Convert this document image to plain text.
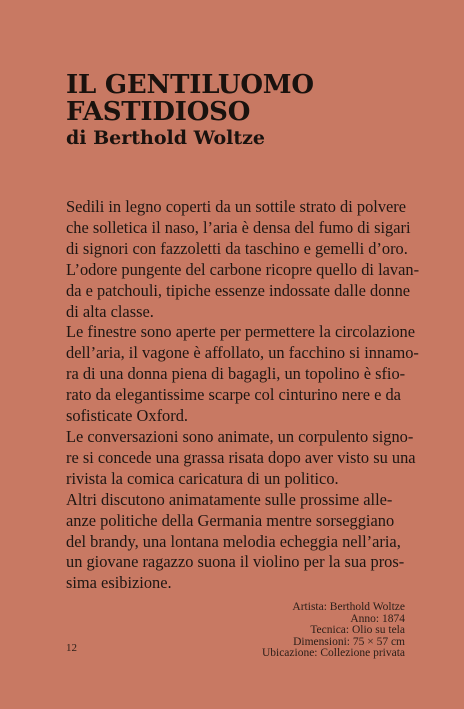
IL GENTILUOMO
FASTIDIOSO
di Berthold Woltze
Sedili in legno coperti da un sottile strato di polvere
che solletica il naso, l’aria è densa del fumo di sigari
di signori con fazzoletti da taschino e gemelli d’oro.
L’odore pungente del carbone ricopre quello di lavan-
da e patchouli, tipiche essenze indossate dalle donne
di alta classe.
Le finestre sono aperte per permettere la circolazione
dell’aria, il vagone è affollato, un facchino si innamo-
ra di una donna piena di bagagli, un topolino è sfio-
rato da elegantissime scarpe col cinturino nere e da
sofisticate Oxford.
Le conversazioni sono animate, un corpulento signo-
re si concede una grassa risata dopo aver visto su una
rivista la comica caricatura di un politico.
Altri discutono animatamente sulle prossime alle-
anze politiche della Germania mentre sorseggiano
del brandy, una lontana melodia echeggia nell’aria,
un giovane ragazzo suona il violino per la sua pros-
sima esibizione.
12
Artista: Berthold Woltze
Anno: 1874
Tecnica: Olio su tela
Dimensioni: 75 × 57 cm
Ubicazione: Collezione privata
